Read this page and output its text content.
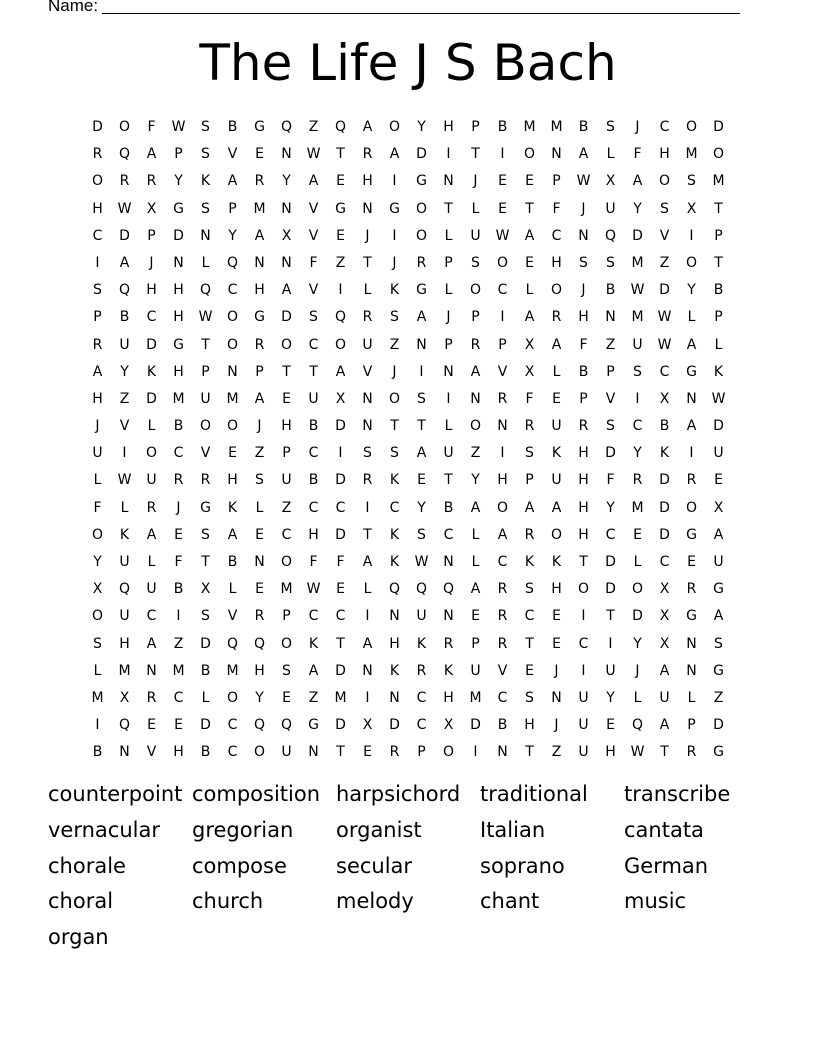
Name:
The Life J S Bach
D	O	F	W	S	B	G	Q	Z	Q	A	O	Y	H	P	B	M	M	B	S	J	C	O	D
R	Q	A	P	S	V	E	N	W	T	R	A	D	I	T	I	O	N	A	L	F	H	M	O
O	R	R	Y	K	A	R	Y	A	E	H	I	G	N	J	E	E	P	W	X	A	O	S	M
H	W	X	G	S	P	M	N	V	G	N	G	O	T	L	E	T	F	J	U	Y	S	X	T
C	D	P	D	N	Y	A	X	V	E	J	I	O	L	U	W	A	C	N	Q	D	V	I	P
I	A	J	N	L	Q	N	N	F	Z	T	J	R	P	S	O	E	H	S	S	M	Z	O	T
S	Q	H	H	Q	C	H	A	V	I	L	K	G	L	O	C	L	O	J	B	W	D	Y	B
P	B	C	H	W	O	G	D	S	Q	R	S	A	J	P	I	A	R	H	N	M	W	L	P
R	U	D	G	T	O	R	O	C	O	U	Z	N	P	R	P	X	A	F	Z	U	W	A	L
A	Y	K	H	P	N	P	T	T	A	V	J	I	N	A	V	X	L	B	P	S	C	G	K
H	Z	D	M	U	M	A	E	U	X	N	O	S	I	N	R	F	E	P	V	I	X	N	W
J	V	L	B	O	O	J	H	B	D	N	T	T	L	O	N	R	U	R	S	C	B	A	D
U	I	O	C	V	E	Z	P	C	I	S	S	A	U	Z	I	S	K	H	D	Y	K	I	U
L	W	U	R	R	H	S	U	B	D	R	K	E	T	Y	H	P	U	H	F	R	D	R	E
F	L	R	J	G	K	L	Z	C	C	I	C	Y	B	A	O	A	A	H	Y	M	D	O	X
O	K	A	E	S	A	E	C	H	D	T	K	S	C	L	A	R	O	H	C	E	D	G	A
Y	U	L	F	T	B	N	O	F	F	A	K	W	N	L	C	K	K	T	D	L	C	E	U
X	Q	U	B	X	L	E	M	W	E	L	Q	Q	Q	A	R	S	H	O	D	O	X	R	G
O	U	C	I	S	V	R	P	C	C	I	N	U	N	E	R	C	E	I	T	D	X	G	A
S	H	A	Z	D	Q	Q	O	K	T	A	H	K	R	P	R	T	E	C	I	Y	X	N	S
L	M	N	M	B	M	H	S	A	D	N	K	R	K	U	V	E	J	I	U	J	A	N	G
M	X	R	C	L	O	Y	E	Z	M	I	N	C	H	M	C	S	N	U	Y	L	U	L	Z
I	Q	E	E	D	C	Q	Q	G	D	X	D	C	X	D	B	H	J	U	E	Q	A	P	D
B	N	V	H	B	C	O	U	N	T	E	R	P	O	I	N	T	Z	U	H	W	T	R	G
counterpoint composition harpsichord traditional	transcribe
vernacular	gregorian	organist	Italian	cantata
chorale	compose	secular	soprano	German
choral	church	melody	chant	music
organ
